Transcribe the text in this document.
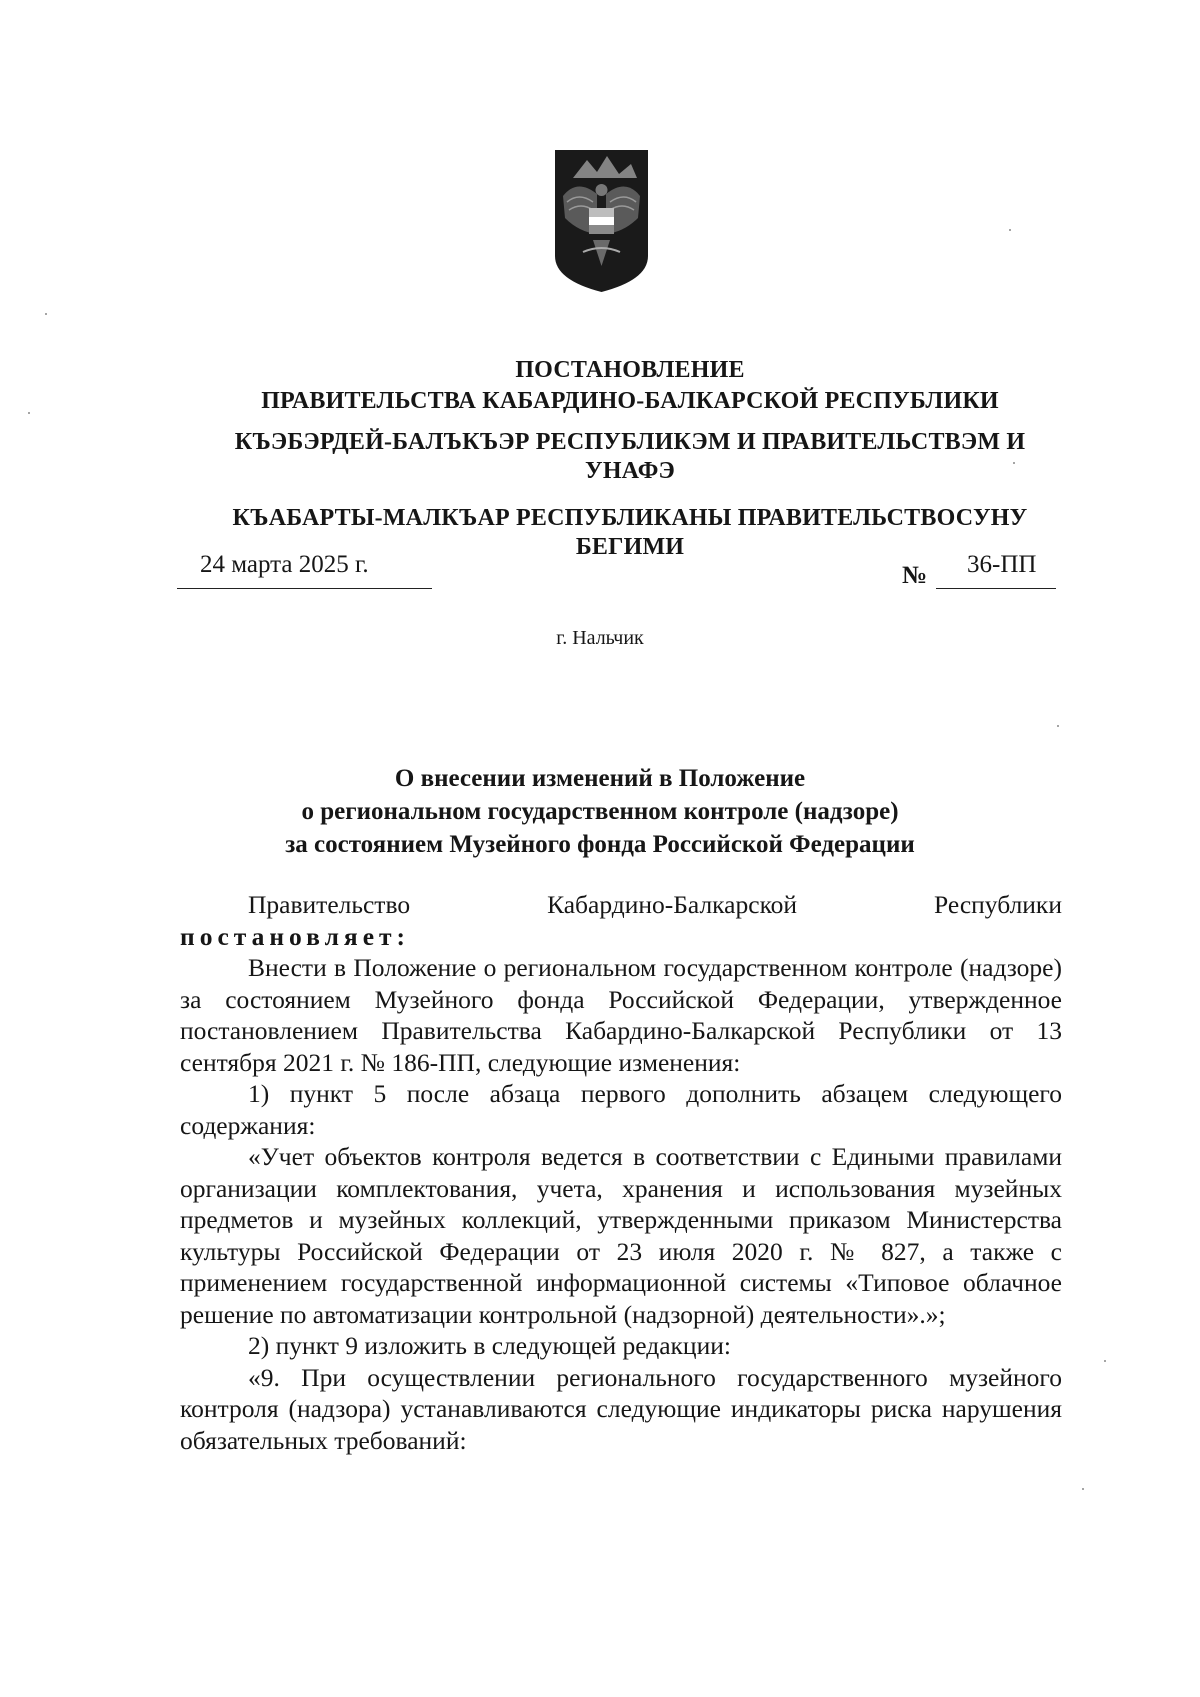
ПОСТАНОВЛЕНИЕ
ПРАВИТЕЛЬСТВА КАБАРДИНО-БАЛКАРСКОЙ РЕСПУБЛИКИ
КЪЭБЭРДЕЙ-БАЛЪКЪЭР РЕСПУБЛИКЭМ И ПРАВИТЕЛЬСТВЭМ И
УНАФЭ
КЪАБАРТЫ-МАЛКЪАР РЕСПУБЛИКАНЫ ПРАВИТЕЛЬСТВОСУНУ
БЕГИМИ
24 марта 2025 г.	№ 36-ПП
г. Нальчик
О внесении изменений в Положение
о региональном государственном контроле (надзоре)
за состоянием Музейного фонда Российской Федерации
Правительство	Кабардино-Балкарской	Республики
постановляет:

Внести в Положение о региональном государственном контроле (надзоре) за состоянием Музейного фонда Российской Федерации, утвержденное постановлением Правительства Кабардино-Балкарской Республики от 13 сентября 2021 г. № 186-ПП, следующие изменения:

1) пункт 5 после абзаца первого дополнить абзацем следующего содержания:

«Учет объектов контроля ведется в соответствии с Едиными правилами организации комплектования, учета, хранения и использования музейных предметов и музейных коллекций, утвержденными приказом Министерства культуры Российской Федерации от 23 июля 2020 г. № 827, а также с применением государственной информационной системы «Типовое облачное решение по автоматизации контрольной (надзорной) деятельности».»;

2) пункт 9 изложить в следующей редакции:

«9. При осуществлении регионального государственного музейного контроля (надзора) устанавливаются следующие индикаторы риска нарушения обязательных требований:
